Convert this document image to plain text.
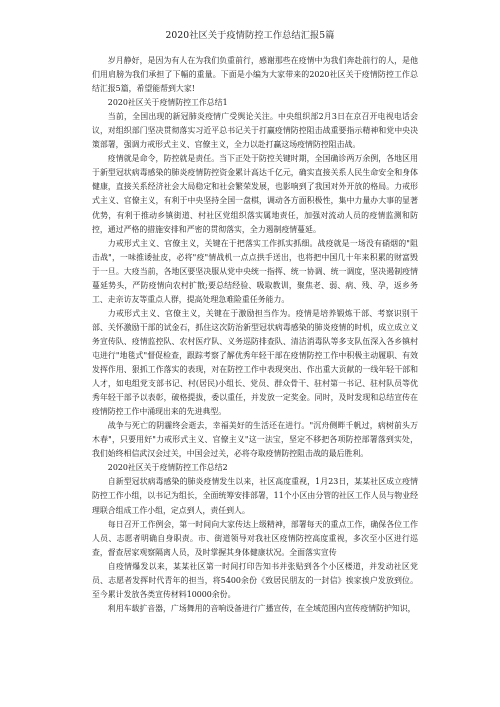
2020社区关于疫情防控工作总结汇报5篇

岁月静好，是因为有人在为我们负重前行，感谢那些在疫情中为我们奔赴前行的人，是他们用肩膀为我们承担了下幅的重量。下面是小编为大家带来的2020社区关于疫情防控工作总结汇报5篇，希望能帮到大家!

2020社区关于疫情防控工作总结1

当前，全国出现的新冠肺炎疫情广受舆论关注。中央组织部2月3日在京召开电视电话会议，对组织部门坚决贯彻落实习近平总书记关于打赢疫情防控阻击战重要指示精神和党中央决策部署，强调力戒形式主义、官僚主义，全力以赴打赢这场疫情防控阻击战。

疫情就是命令，防控就是责任。当下正处于防控关键时期，全国确诊两万余例，各地区用于新型冠状病毒感染的肺炎疫情防控资金累计高达千亿元，确实直接关系人民生命安全和身体健康，直接关系经济社会大局稳定和社会繁荣发展，也影响到了我国对外开放的格局。力戒形式主义、官僚主义，有利于中央坚持全国一盘棋，调动各方面积极性，集中力量办大事的显著优势，有利于推动乡镇街道、村社区党组织落实属地责任，加强对流动人员的疫情监测和防控，通过严格的措施安排和严密的贯彻落实，全力遏制疫情蔓延。

力戒形式主义、官僚主义，关键在于把落实工作抓实抓细。战疫就是一场没有硝烟的"阻击战"，一味推诿扯皮，必将"疫"情战机一点点拱手送出，也将把中国几十年来积累的财富毁于一旦。大疫当前，各地区要坚决服从党中央统一指挥、统一协调、统一调度，坚决遏制疫情蔓延势头，严防疫情向农村扩散;要总结经验、吸取教训，聚焦老、弱、病、残、孕，返乡务工、走亲访友等重点人群，提高处理急难险重任务能力。

力戒形式主义、官僚主义，关键在于激励担当作为。疫情是培养锻炼干部、考察识别干部、关怀激励干部的试金石，抓住这次防治新型冠状病毒感染的肺炎疫情的时机，成立成立义务宣传队、疫情监控队、农村医疗队、义务巡防排查队、清洁消毒队等多支队伍深入各乡镇村屯进行"地毯式"督促检查，跟踪考察了解优秀年轻干部在疫情防控工作中积极主动履职、有效发挥作用、狠抓工作落实的表现，对在防控工作中表现突出、作出重大贡献的一线年轻干部和人才，如电组党支部书记、村(居民)小组长、党员、群众骨干、驻村第一书记、驻村队员等优秀年轻干部予以表彰，破格提拔，委以重任，并发放一定奖金。同时，及时发现和总结宣传在疫情防控工作中涌现出来的先进典型。

战争与死亡的阴霾终会逝去，幸福美好的生活还在进行。"沉舟侧畔千帆过，病树前头万木春"，只要用好"力戒形式主义、官僚主义"这一法宝，坚定不移把各项防控部署落到实处，我们始终相信武汉会过关，中国会过关，必将夺取疫情防控阻击战的最后胜利。

2020社区关于疫情防控工作总结2

自新型冠状病毒感染的肺炎疫情发生以来，社区高度重视，1月23日，某某社区成立疫情防控工作小组，以书记为组长，全面统筹安排部署，11个小区由分管的社区工作人员与物业经理联合组成工作小组，定点到人，责任到人。

每日召开工作例会，第一时间向大家传达上级精神，部署每天的重点工作，确保各位工作人员、志愿者明确自身职责。市、街道领导对我社区疫情防控高度重视，多次至小区进行巡查，督查居家观察隔离人员，及时掌握其身体健康状况。全面落实宣传

自疫情爆发以来，某某社区第一时间打印告知书并张贴到各个小区楼道，并发动社区党员、志愿者发挥时代青年的担当，将5400余份《致居民朋友的一封信》挨家挨户发放到位。至今累计发放各类宣传材料10000余份。

利用车载扩音器，广场舞用的音响设备进行广播宣传，在全域范围内宣传疫情防护知识，
